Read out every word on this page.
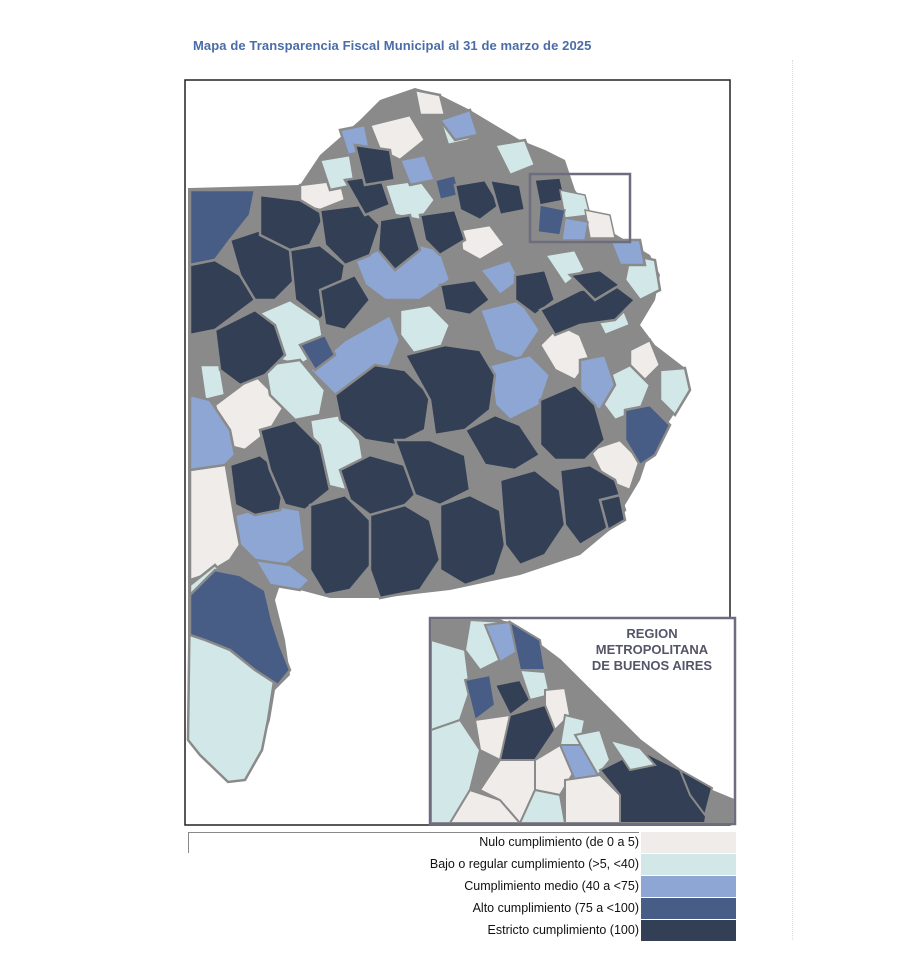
Mapa de Transparencia Fiscal Municipal al 31 de marzo de 2025
REGION
METROPOLITANA
DE BUENOS AIRES
Nulo cumplimiento (de 0 a 5)
Bajo o regular cumplimiento (>5, <40)
Cumplimiento medio (40 a <75)
Alto cumplimiento (75 a <100)
Estricto cumplimiento (100)
